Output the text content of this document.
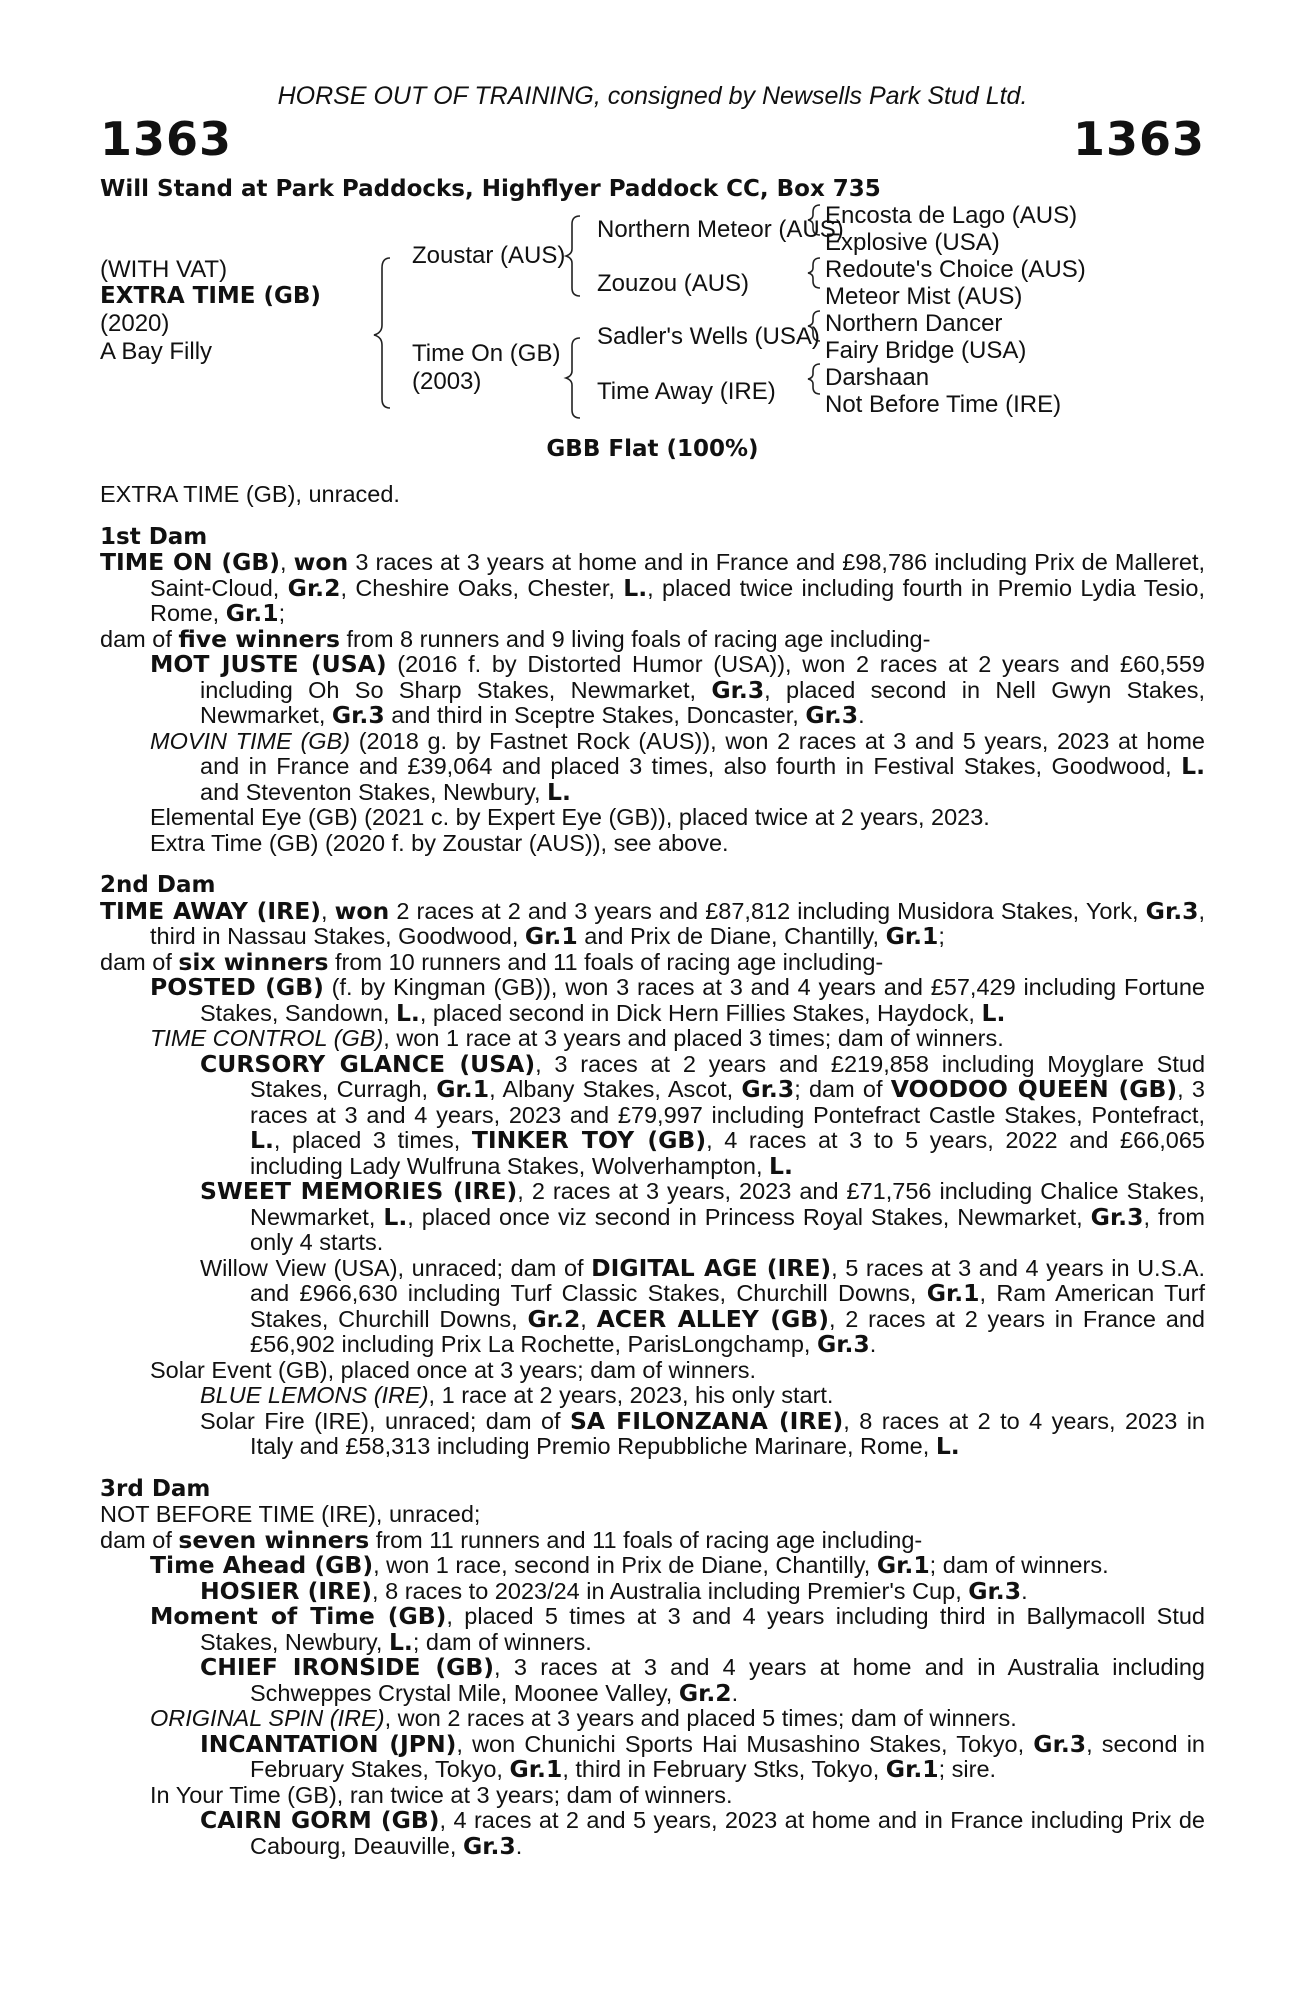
HORSE OUT OF TRAINING, consigned by Newsells Park Stud Ltd.
1363	1363
Will Stand at Park Paddocks, Highflyer Paddock CC, Box 735
(WITH VAT)
EXTRA TIME (GB)
(2020)
A Bay Filly
Zoustar (AUS)
Time On (GB)
(2003)
Northern Meteor (AUS)
Zouzou (AUS)
Sadler's Wells (USA)
Time Away (IRE)
Encosta de Lago (AUS)
Explosive (USA)
Redoute's Choice (AUS)
Meteor Mist (AUS)
Northern Dancer
Fairy Bridge (USA)
Darshaan
Not Before Time (IRE)
GBB Flat (100%)

EXTRA TIME (GB), unraced.

1st Dam

TIME ON (GB), won 3 races at 3 years at home and in France and £98,786 including Prix de Malleret, Saint-Cloud, Gr.2, Cheshire Oaks, Chester, L., placed twice including fourth in Premio Lydia Tesio, Rome, Gr.1;

dam of five winners from 8 runners and 9 living foals of racing age including-

MOT JUSTE (USA) (2016 f. by Distorted Humor (USA)), won 2 races at 2 years and £60,559 including Oh So Sharp Stakes, Newmarket, Gr.3, placed second in Nell Gwyn Stakes, Newmarket, Gr.3 and third in Sceptre Stakes, Doncaster, Gr.3.

MOVIN TIME (GB) (2018 g. by Fastnet Rock (AUS)), won 2 races at 3 and 5 years, 2023 at home and in France and £39,064 and placed 3 times, also fourth in Festival Stakes, Goodwood, L. and Steventon Stakes, Newbury, L.

Elemental Eye (GB) (2021 c. by Expert Eye (GB)), placed twice at 2 years, 2023.

Extra Time (GB) (2020 f. by Zoustar (AUS)), see above.

2nd Dam

TIME AWAY (IRE), won 2 races at 2 and 3 years and £87,812 including Musidora Stakes, York, Gr.3, third in Nassau Stakes, Goodwood, Gr.1 and Prix de Diane, Chantilly, Gr.1;

dam of six winners from 10 runners and 11 foals of racing age including-

POSTED (GB) (f. by Kingman (GB)), won 3 races at 3 and 4 years and £57,429 including Fortune Stakes, Sandown, L., placed second in Dick Hern Fillies Stakes, Haydock, L.

TIME CONTROL (GB), won 1 race at 3 years and placed 3 times; dam of winners.

CURSORY GLANCE (USA), 3 races at 2 years and £219,858 including Moyglare Stud Stakes, Curragh, Gr.1, Albany Stakes, Ascot, Gr.3; dam of VOODOO QUEEN (GB), 3 races at 3 and 4 years, 2023 and £79,997 including Pontefract Castle Stakes, Pontefract, L., placed 3 times, TINKER TOY (GB), 4 races at 3 to 5 years, 2022 and £66,065 including Lady Wulfruna Stakes, Wolverhampton, L.

SWEET MEMORIES (IRE), 2 races at 3 years, 2023 and £71,756 including Chalice Stakes, Newmarket, L., placed once viz second in Princess Royal Stakes, Newmarket, Gr.3, from only 4 starts.

Willow View (USA), unraced; dam of DIGITAL AGE (IRE), 5 races at 3 and 4 years in U.S.A. and £966,630 including Turf Classic Stakes, Churchill Downs, Gr.1, Ram American Turf Stakes, Churchill Downs, Gr.2, ACER ALLEY (GB), 2 races at 2 years in France and £56,902 including Prix La Rochette, ParisLongchamp, Gr.3.

Solar Event (GB), placed once at 3 years; dam of winners.

BLUE LEMONS (IRE), 1 race at 2 years, 2023, his only start.

Solar Fire (IRE), unraced; dam of SA FILONZANA (IRE), 8 races at 2 to 4 years, 2023 in Italy and £58,313 including Premio Repubbliche Marinare, Rome, L.

3rd Dam

NOT BEFORE TIME (IRE), unraced;

dam of seven winners from 11 runners and 11 foals of racing age including-

Time Ahead (GB), won 1 race, second in Prix de Diane, Chantilly, Gr.1; dam of winners.

HOSIER (IRE), 8 races to 2023/24 in Australia including Premier's Cup, Gr.3.

Moment of Time (GB), placed 5 times at 3 and 4 years including third in Ballymacoll Stud Stakes, Newbury, L.; dam of winners.

CHIEF IRONSIDE (GB), 3 races at 3 and 4 years at home and in Australia including Schweppes Crystal Mile, Moonee Valley, Gr.2.

ORIGINAL SPIN (IRE), won 2 races at 3 years and placed 5 times; dam of winners.

INCANTATION (JPN), won Chunichi Sports Hai Musashino Stakes, Tokyo, Gr.3, second in February Stakes, Tokyo, Gr.1, third in February Stks, Tokyo, Gr.1; sire.

In Your Time (GB), ran twice at 3 years; dam of winners.

CAIRN GORM (GB), 4 races at 2 and 5 years, 2023 at home and in France including Prix de Cabourg, Deauville, Gr.3.
